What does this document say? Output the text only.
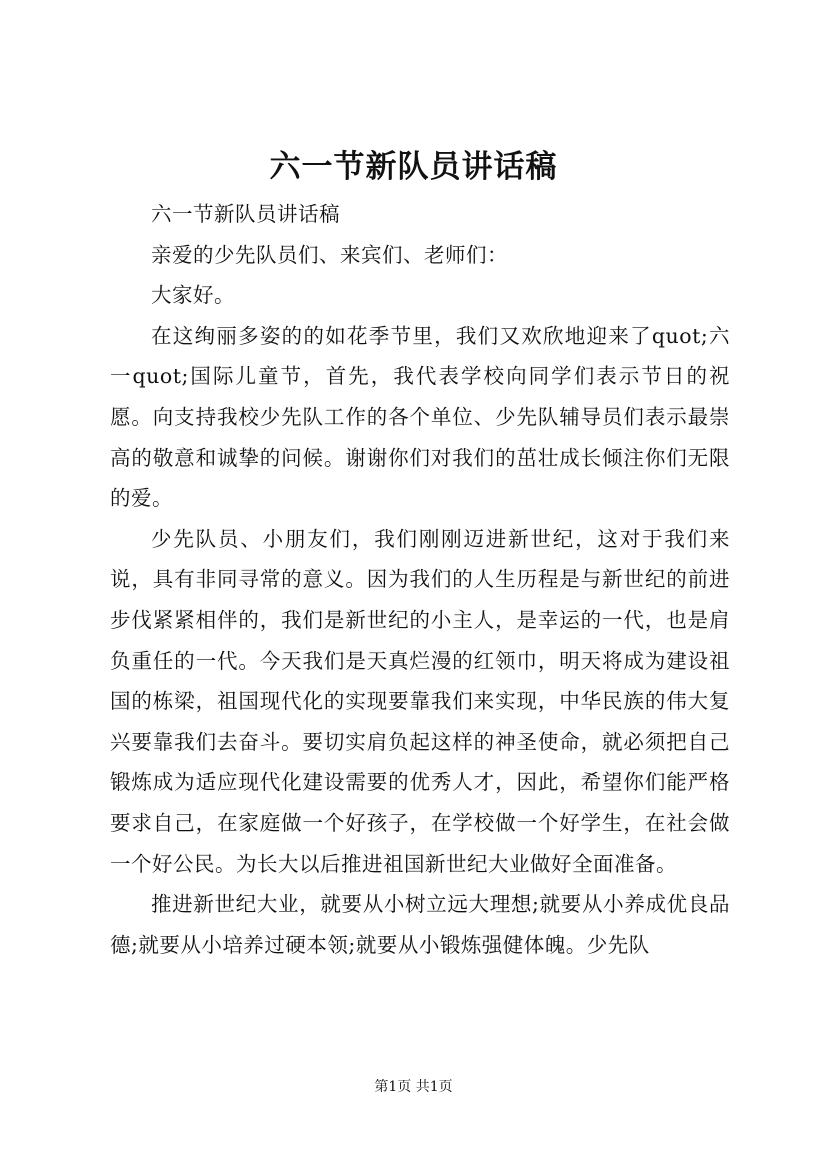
六一节新队员讲话稿

六一节新队员讲话稿

亲爱的少先队员们、来宾们、老师们：

大家好。

在这绚丽多姿的的如花季节里，我们又欢欣地迎来了quot;六一quot;国际儿童节，首先，我代表学校向同学们表示节日的祝愿。向支持我校少先队工作的各个单位、少先队辅导员们表示最崇高的敬意和诚挚的问候。谢谢你们对我们的茁壮成长倾注你们无限的爱。

少先队员、小朋友们，我们刚刚迈进新世纪，这对于我们来说，具有非同寻常的意义。因为我们的人生历程是与新世纪的前进步伐紧紧相伴的，我们是新世纪的小主人，是幸运的一代，也是肩负重任的一代。今天我们是天真烂漫的红领巾，明天将成为建设祖国的栋梁，祖国现代化的实现要靠我们来实现，中华民族的伟大复兴要靠我们去奋斗。要切实肩负起这样的神圣使命，就必须把自己锻炼成为适应现代化建设需要的优秀人才，因此，希望你们能严格要求自己，在家庭做一个好孩子，在学校做一个好学生，在社会做一个好公民。为长大以后推进祖国新世纪大业做好全面准备。

推进新世纪大业，就要从小树立远大理想;就要从小养成优良品德;就要从小培养过硬本领;就要从小锻炼强健体魄。少先队

第1页 共1页
